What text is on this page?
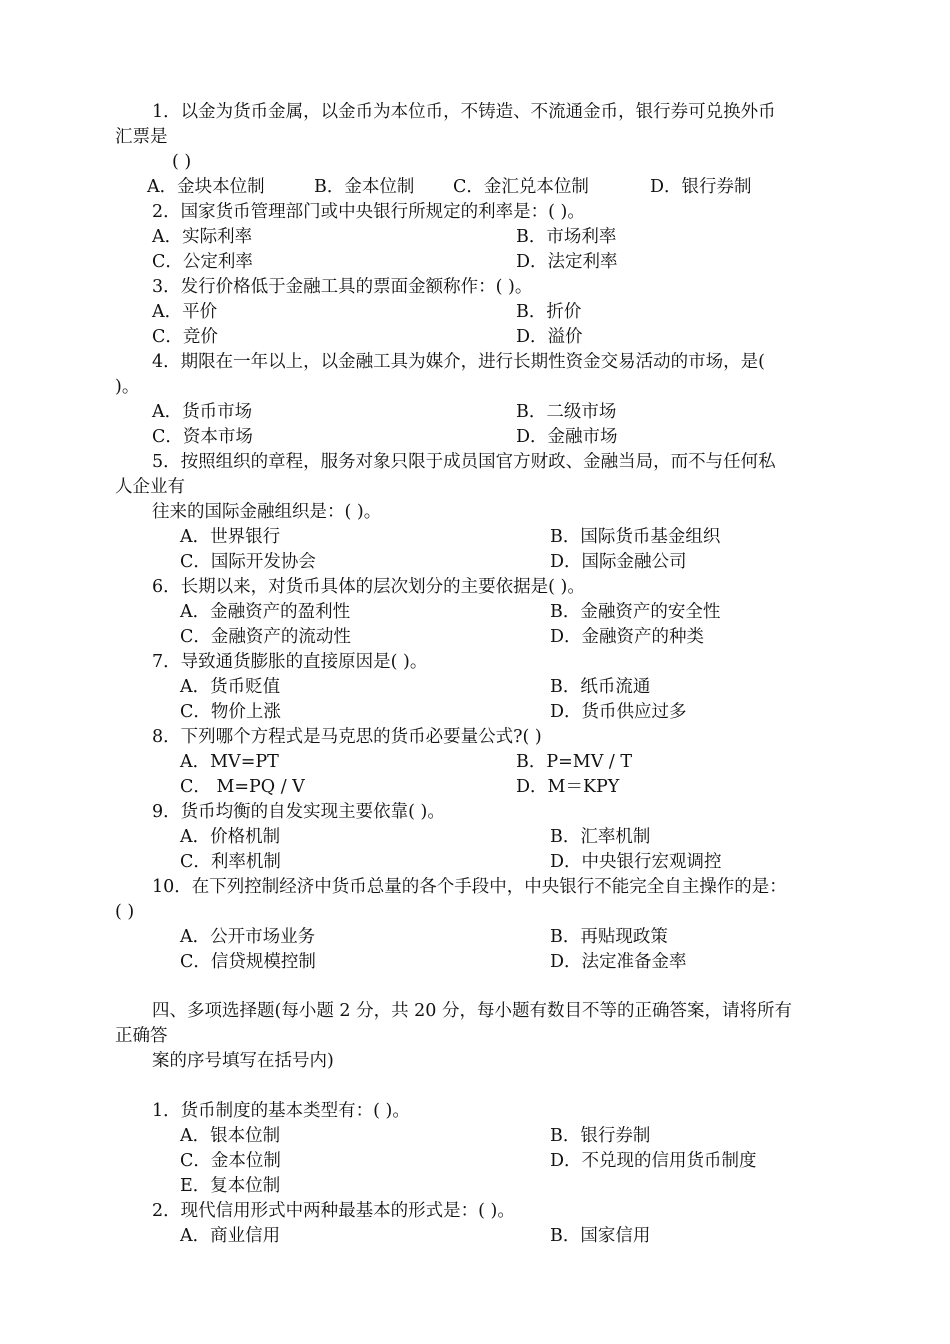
1．以金为货币金属，以金币为本位币，不铸造、不流通金币，银行券可兑换外币
汇票是
( )
A．金块本位制	B．金本位制 C．金汇兑本位制	D．银行券制
2．国家货币管理部门或中央银行所规定的利率是：( )。
A．实际利率	B．市场利率
C．公定利率	D．法定利率
3．发行价格低于金融工具的票面金额称作：( )。
A．平价	B．折价
C．竞价	D．溢价
4．期限在一年以上，以金融工具为媒介，进行长期性资金交易活动的市场，是(
)。
A．货币市场	B．二级市场
C．资本市场	D．金融市场
5．按照组织的章程，服务对象只限于成员国官方财政、金融当局，而不与任何私
人企业有
往来的国际金融组织是：( )。
A．世界银行	B．国际货币基金组织
C．国际开发协会	D．国际金融公司
6．长期以来，对货币具体的层次划分的主要依据是( )。
A．金融资产的盈利性	B．金融资产的安全性
C．金融资产的流动性	D．金融资产的种类
7．导致通货膨胀的直接原因是( )。
A．货币贬值	B．纸币流通
C．物价上涨	D．货币供应过多
8．下列哪个方程式是马克思的货币必要量公式?( )
A．MV=PT	B．P=MV / T
C． M=PQ / V	D．M＝KPY
9．货币均衡的自发实现主要依靠( )。
A．价格机制	B．汇率机制
C．利率机制	D．中央银行宏观调控
10．在下列控制经济中货币总量的各个手段中，中央银行不能完全自主操作的是：
( )
A．公开市场业务	B．再贴现政策
C．信贷规模控制	D．法定准备金率
四、多项选择题(每小题 2 分，共 20 分，每小题有数目不等的正确答案，请将所有
正确答
案的序号填写在括号内)
1．货币制度的基本类型有：( )。
A．银本位制	B．银行券制
C．金本位制	D．不兑现的信用货币制度
E．复本位制
2．现代信用形式中两种最基本的形式是：( )。
A．商业信用	B．国家信用
